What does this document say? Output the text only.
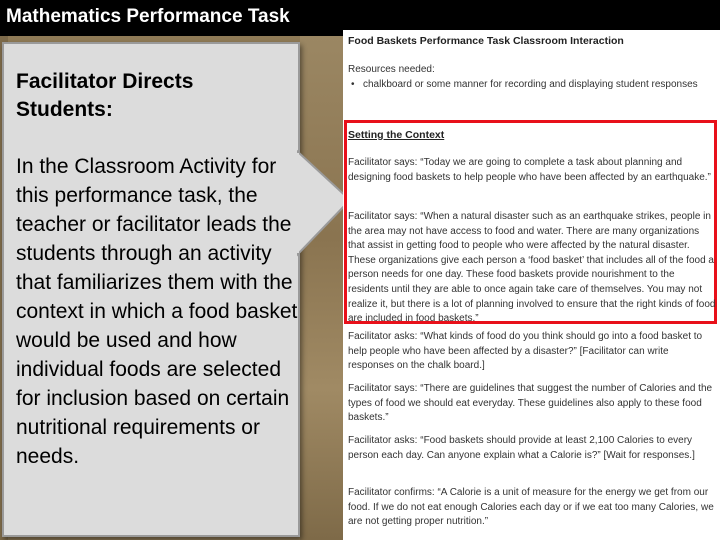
Mathematics Performance Task
Facilitator Directs Students:
In the Classroom Activity for this performance task, the teacher or facilitator leads the students through an activity that familiarizes them with the context in which a food basket would be used and how individual foods are selected for inclusion based on certain nutritional requirements or needs.

Food Baskets Performance Task Classroom Interaction

Resources needed:

• chalkboard or some manner for recording and displaying student responses

Setting the Context

Facilitator says: “Today we are going to complete a task about planning and designing food baskets to help people who have been affected by an earthquake.”

Facilitator says: “When a natural disaster such as an earthquake strikes, people in the area may not have access to food and water. There are many organizations that assist in getting food to people who were affected by the natural disaster. These organizations give each person a ‘food basket’ that includes all of the food a person needs for one day. These food baskets provide nourishment to the residents until they are able to once again take care of themselves. You may not realize it, but there is a lot of planning involved to ensure that the right kinds of food are included in food baskets.”

Facilitator asks: “What kinds of food do you think should go into a food basket to help people who have been affected by a disaster?” [Facilitator can write responses on the chalk board.]

Facilitator says: “There are guidelines that suggest the number of Calories and the types of food we should eat everyday. These guidelines also apply to these food baskets.”

Facilitator asks: “Food baskets should provide at least 2,100 Calories to every person each day. Can anyone explain what a Calorie is?” [Wait for responses.]

Facilitator confirms: “A Calorie is a unit of measure for the energy we get from our food. If we do not eat enough Calories each day or if we eat too many Calories, we are not getting proper nutrition.”
